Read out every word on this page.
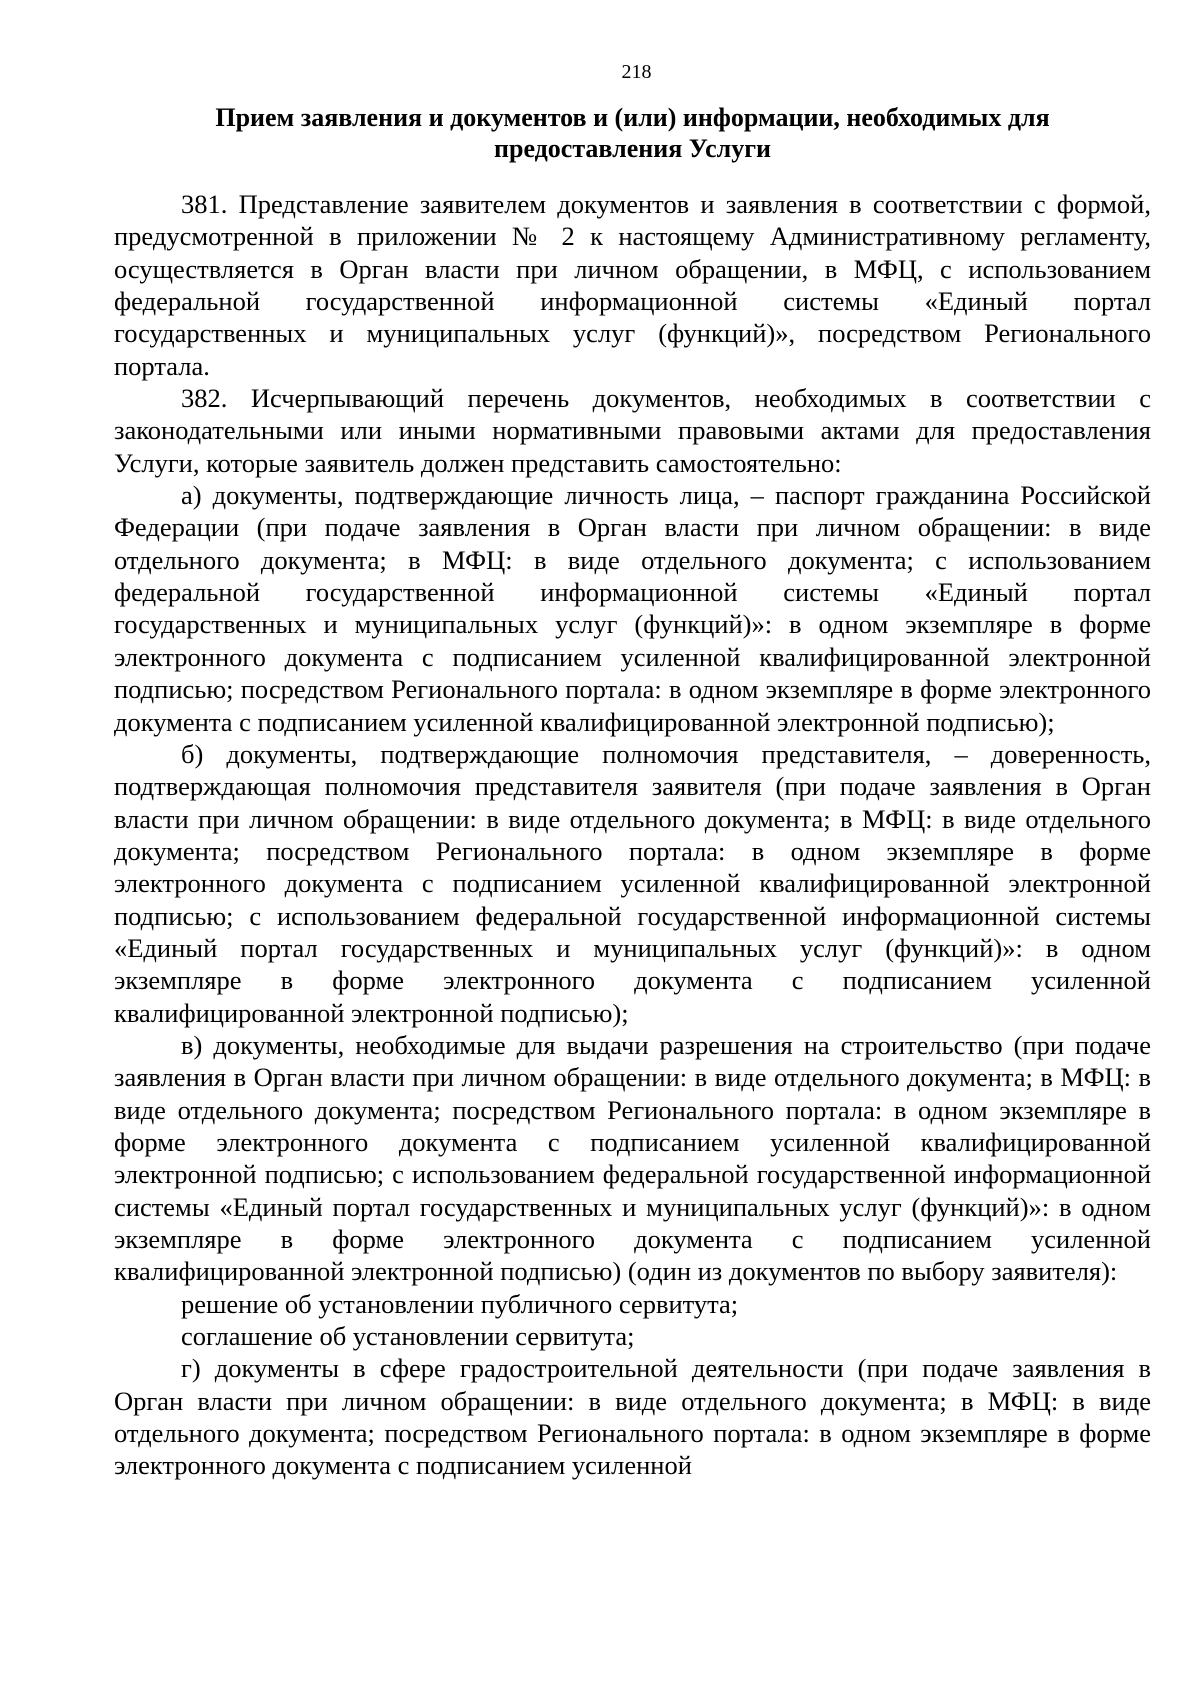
218
Прием заявления и документов и (или) информации, необходимых для
предоставления Услуги

381. Представление заявителем документов и заявления в соответствии с формой, предусмотренной в приложении № 2 к настоящему Административному регламенту, осуществляется в Орган власти при личном обращении, в МФЦ, с использованием федеральной государственной информационной системы «Единый портал государственных и муниципальных услуг (функций)», посредством Регионального портала.

382. Исчерпывающий перечень документов, необходимых в соответствии с законодательными или иными нормативными правовыми актами для предоставления Услуги, которые заявитель должен представить самостоятельно:

а) документы, подтверждающие личность лица, – паспорт гражданина Российской Федерации (при подаче заявления в Орган власти при личном обращении: в виде отдельного документа; в МФЦ: в виде отдельного документа; с использованием федеральной государственной информационной системы «Единый портал государственных и муниципальных услуг (функций)»: в одном экземпляре в форме электронного документа с подписанием усиленной квалифицированной электронной подписью; посредством Регионального портала: в одном экземпляре в форме электронного документа с подписанием усиленной квалифицированной электронной подписью);

б) документы, подтверждающие полномочия представителя, – доверенность, подтверждающая полномочия представителя заявителя (при подаче заявления в Орган власти при личном обращении: в виде отдельного документа; в МФЦ: в виде отдельного документа; посредством Регионального портала: в одном экземпляре в форме электронного документа с подписанием усиленной квалифицированной электронной подписью; с использованием федеральной государственной информационной системы «Единый портал государственных и муниципальных услуг (функций)»: в одном экземпляре в форме электронного документа с подписанием усиленной квалифицированной электронной подписью);

в) документы, необходимые для выдачи разрешения на строительство (при подаче заявления в Орган власти при личном обращении: в виде отдельного документа; в МФЦ: в виде отдельного документа; посредством Регионального портала: в одном экземпляре в форме электронного документа с подписанием усиленной квалифицированной электронной подписью; с использованием федеральной государственной информационной системы «Единый портал государственных и муниципальных услуг (функций)»: в одном экземпляре в форме электронного документа с подписанием усиленной квалифицированной электронной подписью) (один из документов по выбору заявителя):

решение об установлении публичного сервитута;

соглашение об установлении сервитута;

г) документы в сфере градостроительной деятельности (при подаче заявления в Орган власти при личном обращении: в виде отдельного документа; в МФЦ: в виде отдельного документа; посредством Регионального портала: в одном экземпляре в форме электронного документа с подписанием усиленной
